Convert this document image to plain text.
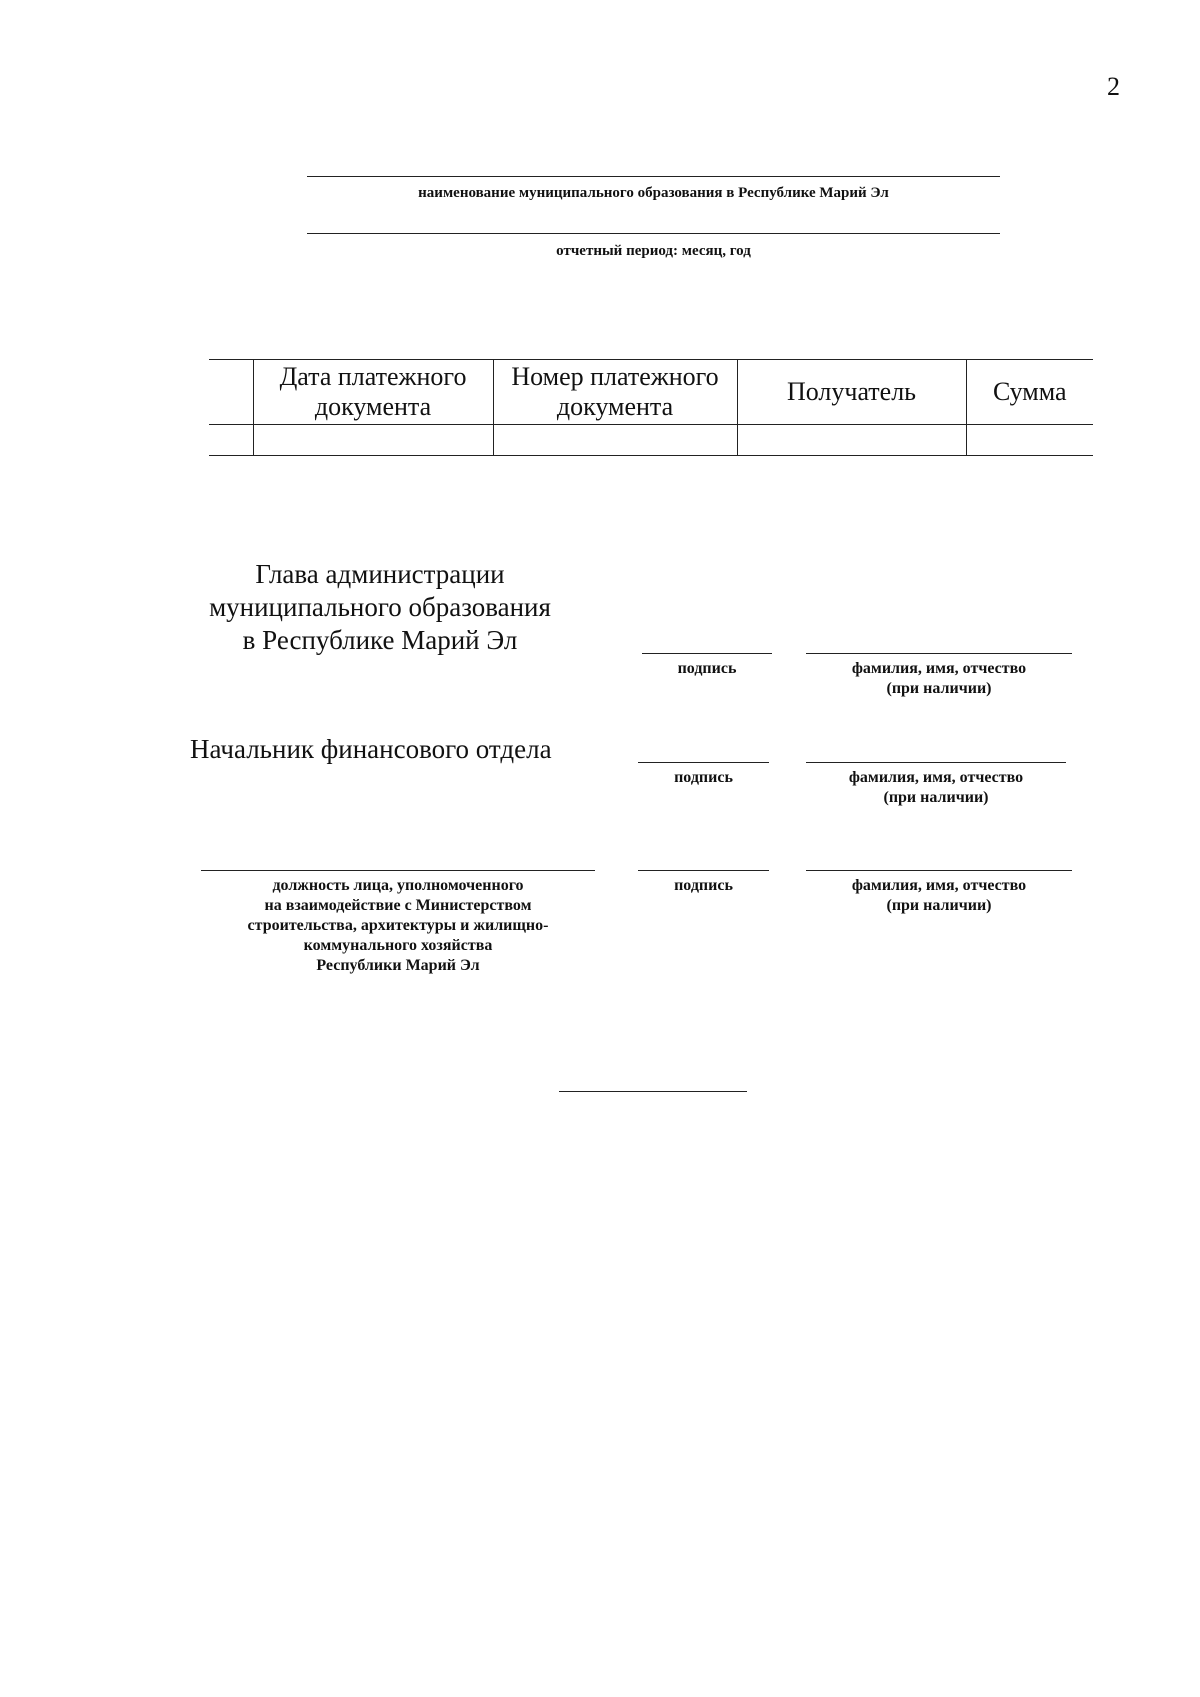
2
наименование муниципального образования в Республике Марий Эл
отчетный период: месяц, год
	Дата платежного документа	Номер платежного документа	Получатель	Сумма

Глава администрации
муниципального образования
в Республике Марий Эл
подпись	фамилия, имя, отчество
(при наличии)
Начальник финансового отдела
подпись	фамилия, имя, отчество
(при наличии)
должность лица, уполномоченного
на взаимодействие с Министерством
строительства, архитектуры и жилищно-
коммунального хозяйства
Республики Марий Эл
подпись	фамилия, имя, отчество
(при наличии)
